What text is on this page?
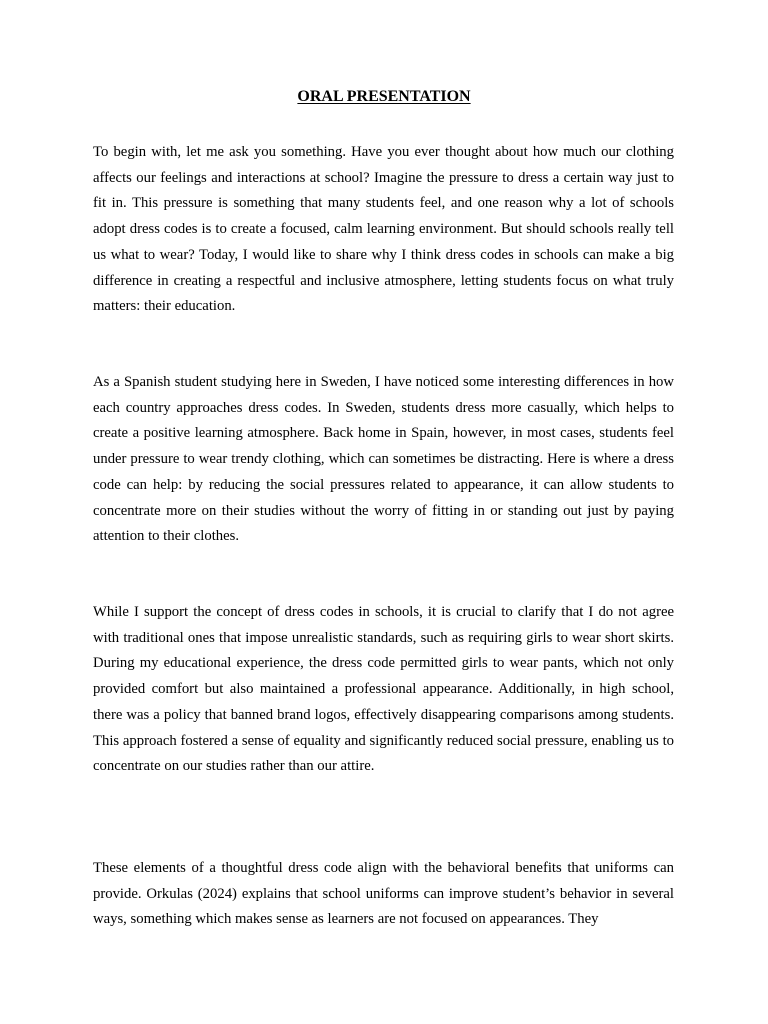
ORAL PRESENTATION

To begin with, let me ask you something. Have you ever thought about how much our clothing affects our feelings and interactions at school? Imagine the pressure to dress a certain way just to fit in. This pressure is something that many students feel, and one reason why a lot of schools adopt dress codes is to create a focused, calm learning environment. But should schools really tell us what to wear? Today, I would like to share why I think dress codes in schools can make a big difference in creating a respectful and inclusive atmosphere, letting students focus on what truly matters: their education.

As a Spanish student studying here in Sweden, I have noticed some interesting differences in how each country approaches dress codes. In Sweden, students dress more casually, which helps to create a positive learning atmosphere. Back home in Spain, however, in most cases, students feel under pressure to wear trendy clothing, which can sometimes be distracting. Here is where a dress code can help: by reducing the social pressures related to appearance, it can allow students to concentrate more on their studies without the worry of fitting in or standing out just by paying attention to their clothes.

While I support the concept of dress codes in schools, it is crucial to clarify that I do not agree with traditional ones that impose unrealistic standards, such as requiring girls to wear short skirts. During my educational experience, the dress code permitted girls to wear pants, which not only provided comfort but also maintained a professional appearance. Additionally, in high school, there was a policy that banned brand logos, effectively disappearing comparisons among students. This approach fostered a sense of equality and significantly reduced social pressure, enabling us to concentrate on our studies rather than our attire.

These elements of a thoughtful dress code align with the behavioral benefits that uniforms can provide. Orkulas (2024) explains that school uniforms can improve student’s behavior in several ways, something which makes sense as learners are not focused on appearances. They
